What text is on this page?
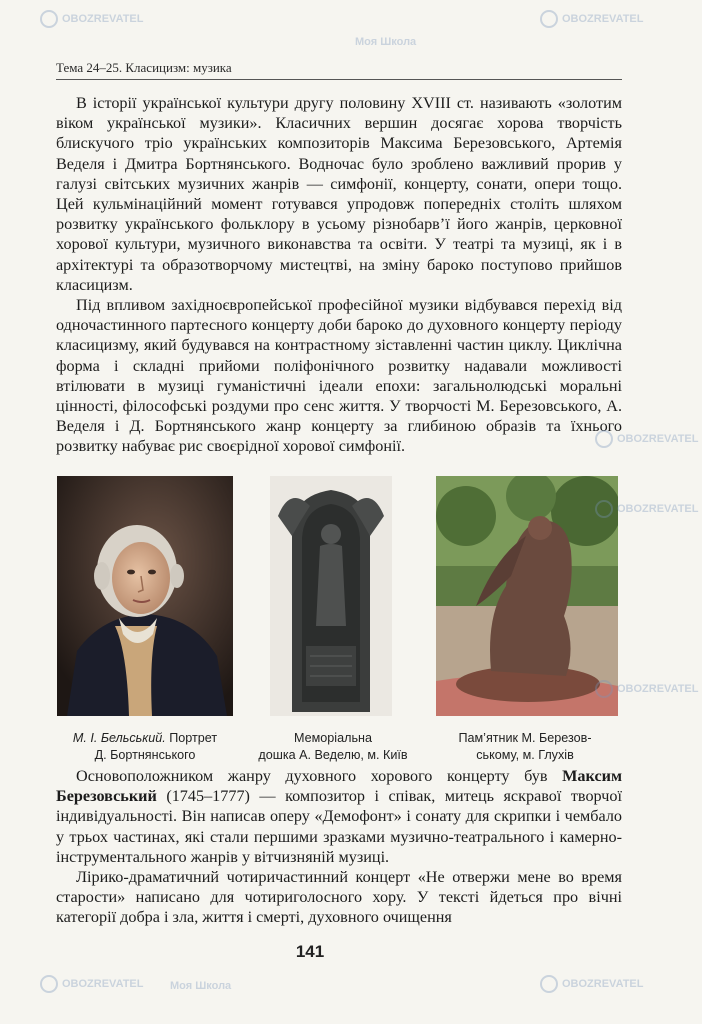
Тема 24–25. Класицизм: музика

В історії української культури другу половину XVIII ст. називають «золотим віком української музики». Класичних вершин досягає хорова творчість блискучого тріо українських композиторів Максима Березовського, Артемія Веделя і Дмитра Бортнянського. Водночас було зроблено важливий прорив у галузі світських музичних жанрів — симфонії, концерту, сонати, опери тощо. Цей кульмінаційний момент готувався упродовж попередніх століть шляхом розвитку українського фольклору в усьому різнобарв’ї його жанрів, церковної хорової культури, музичного виконавства та освіти. У театрі та музиці, як і в архітектурі та образотворчому мистецтві, на зміну бароко поступово прийшов класицизм.

Під впливом західноєвропейської професійної музики відбувався перехід від одночастинного партесного концерту доби бароко до духовного концерту періоду класицизму, який будувався на контрастному зіставленні частин циклу. Циклічна форма і складні прийоми поліфонічного розвитку надавали можливості втілювати в музиці гуманістичні ідеали епохи: загальнолюдські моральні цінності, філософські роздуми про сенс життя. У творчості М. Березовського, А. Веделя і Д. Бортнянського жанр концерту за глибиною образів та їхнього розвитку набуває рис своєрідної хорової симфонії.

М. І. Бельський. Портрет
Д. Бортнянського
Меморіальна
дошка А. Веделю, м. Київ
Пам’ятник М. Березов-
ському, м. Глухів

Основоположником жанру духовного хорового концерту був Максим Березовський (1745–1777) — композитор і співак, митець яскравої творчої індивідуальності. Він написав оперу «Демофонт» і сонату для скрипки і чембало у трьох частинах, які стали першими зразками музично-театрального і камерно-інструментального жанрів у вітчизняній музиці.

Лірико-драматичний чотиричастинний концерт «Не отвержи мене во время старости» написано для чотириголосного хору. У тексті йдеться про вічні категорії добра і зла, життя і смерті, духовного очищення

141
OBOZREVATEL	OBOZREVATEL
Моя Школа
OBOZREVATEL
OBOZREVATEL
OBOZREVATEL
OBOZREVATEL Моя Школа	OBOZREVATEL
